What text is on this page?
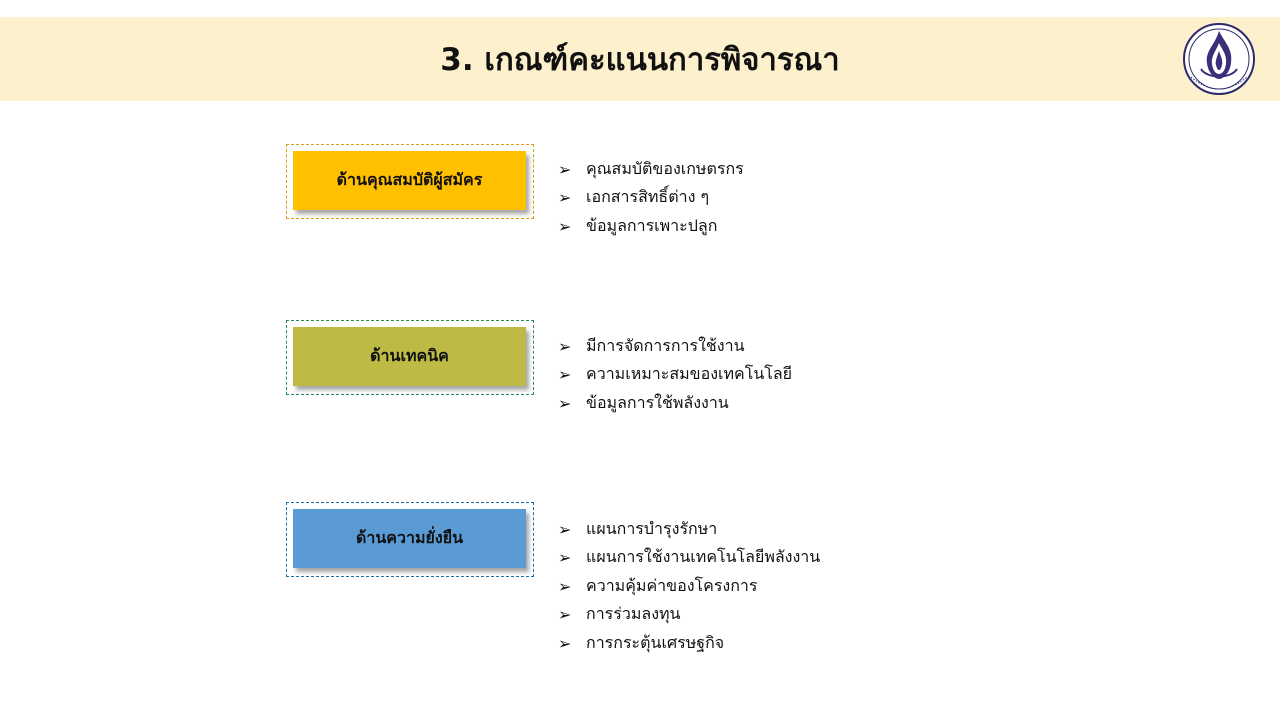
3. เกณฑ์คะแนนการพิจารณา
ด้านคุณสมบัติผู้สมัคร
➢ คุณสมบัติของเกษตรกร
➢ เอกสารสิทธิ์ต่าง ๆ
➢ ข้อมูลการเพาะปลูก
ด้านเทคนิค	➢ มีการจัดการการใช้งาน
➢ ความเหมาะสมของเทคโนโลยี
➢ ข้อมูลการใช้พลังงาน
ด้านความยั่งยืน	➢ แผนการบำรุงรักษา
➢ แผนการใช้งานเทคโนโลยีพลังงาน
➢ ความคุ้มค่าของโครงการ
➢ การร่วมลงทุน
➢ การกระตุ้นเศรษฐกิจ
